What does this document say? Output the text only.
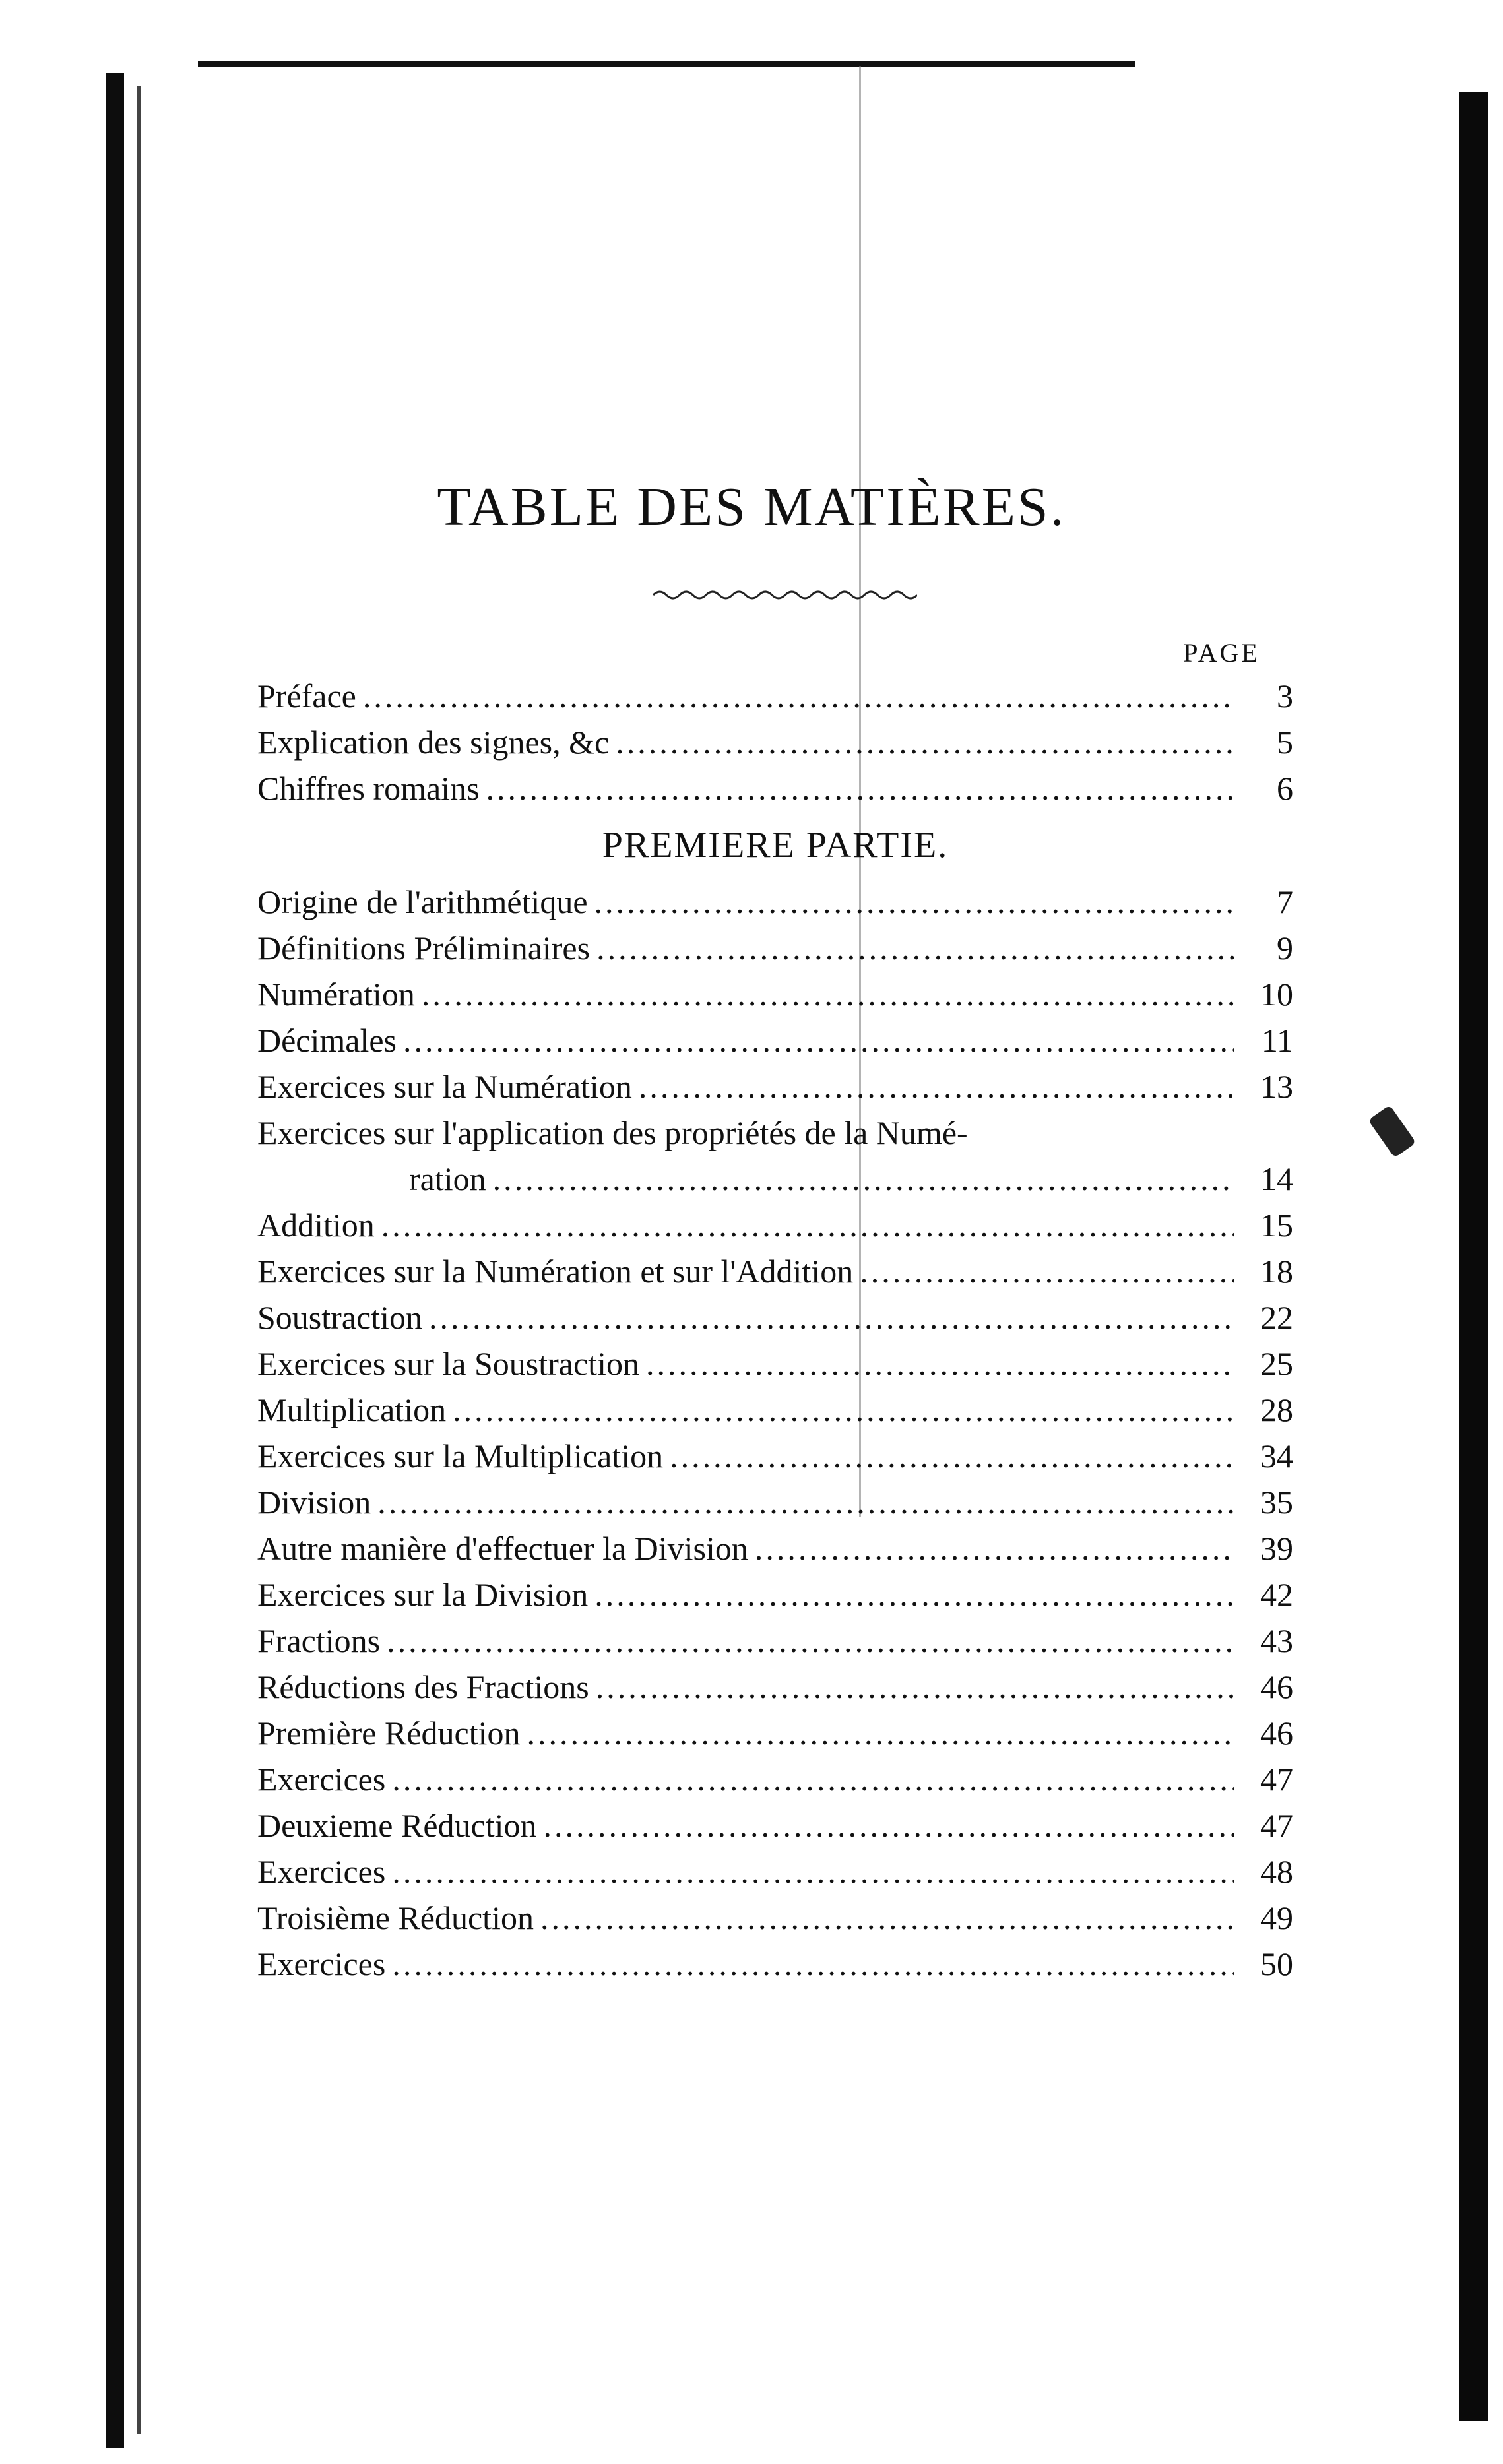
TABLE DES MATIÈRES.
PAGE
Préface .....	3
Explication des signes, &c .....	5
Chiffres romains .....	6
PREMIERE PARTIE.
Origine de l'arithmétique .....	7
Définitions Préliminaires .....	9
Numération .....	10
Décimales .....	11
Exercices sur la Numération .....	13
Exercices sur l'application des propriétés de la Numé-
ration .....	14
Addition .....	15
Exercices sur la Numération et sur l'Addition .....	18
Soustraction .....	22
Exercices sur la Soustraction .....	25
Multiplication .....	28
Exercices sur la Multiplication .....	34
Division .....	35
Autre manière d'effectuer la Division .....	39
Exercices sur la Division .....	42
Fractions .....	43
Réductions des Fractions .....	46
Première Réduction .....	46
Exercices .....	47
Deuxieme Réduction .....	47
Exercices .....	48
Troisième Réduction .....	49
Exercices .....	50
